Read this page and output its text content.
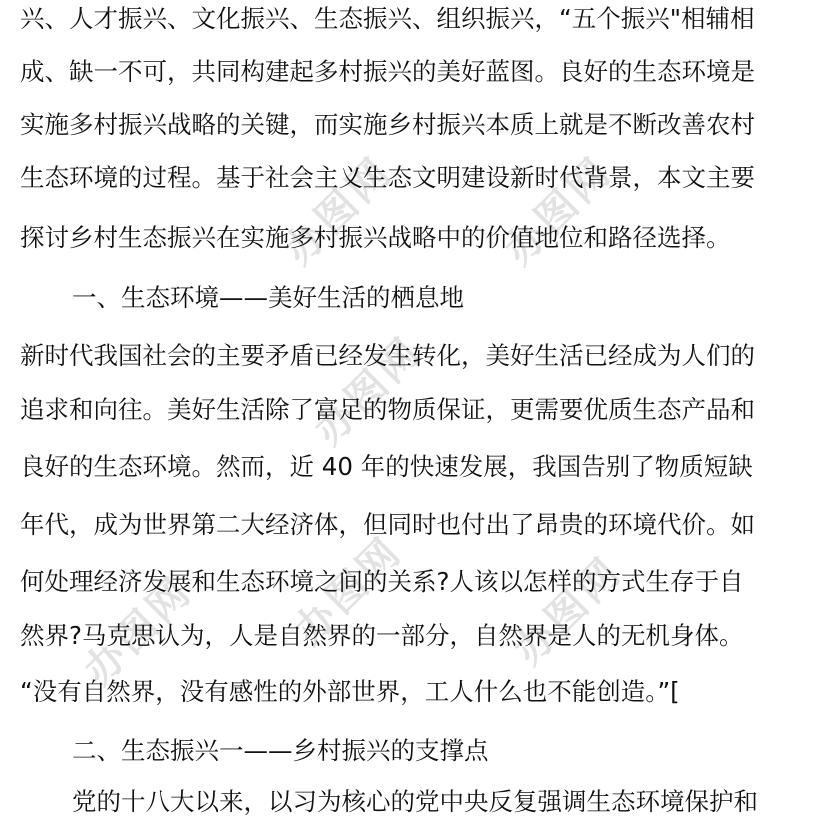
办图网 办图网
办图网
办图网 办图网 办图网
兴、人才振兴、文化振兴、生态振兴、组织振兴，“五个振兴"相辅相
成、缺一不可，共同构建起多村振兴的美好蓝图。良好的生态环境是
实施多村振兴战略的关键，而实施乡村振兴本质上就是不断改善农村
生态环境的过程。基于社会主义生态文明建设新时代背景，本文主要
探讨乡村生态振兴在实施多村振兴战略中的价值地位和路径选择。
一、生态环境——美好生活的栖息地
新时代我国社会的主要矛盾已经发生转化，美好生活已经成为人们的
追求和向往。美好生活除了富足的物质保证，更需要优质生态产品和
良好的生态环境。然而，近 40 年的快速发展，我国告别了物质短缺
年代，成为世界第二大经济体，但同时也付出了昂贵的环境代价。如
何处理经济发展和生态环境之间的关系?人该以怎样的方式生存于自
然界?马克思认为，人是自然界的一部分，自然界是人的无机身体。
“没有自然界，没有感性的外部世界，工人什么也不能创造。”[
二、生态振兴一——乡村振兴的支撑点
党的十八大以来，以习为核心的党中央反复强调生态环境保护和
